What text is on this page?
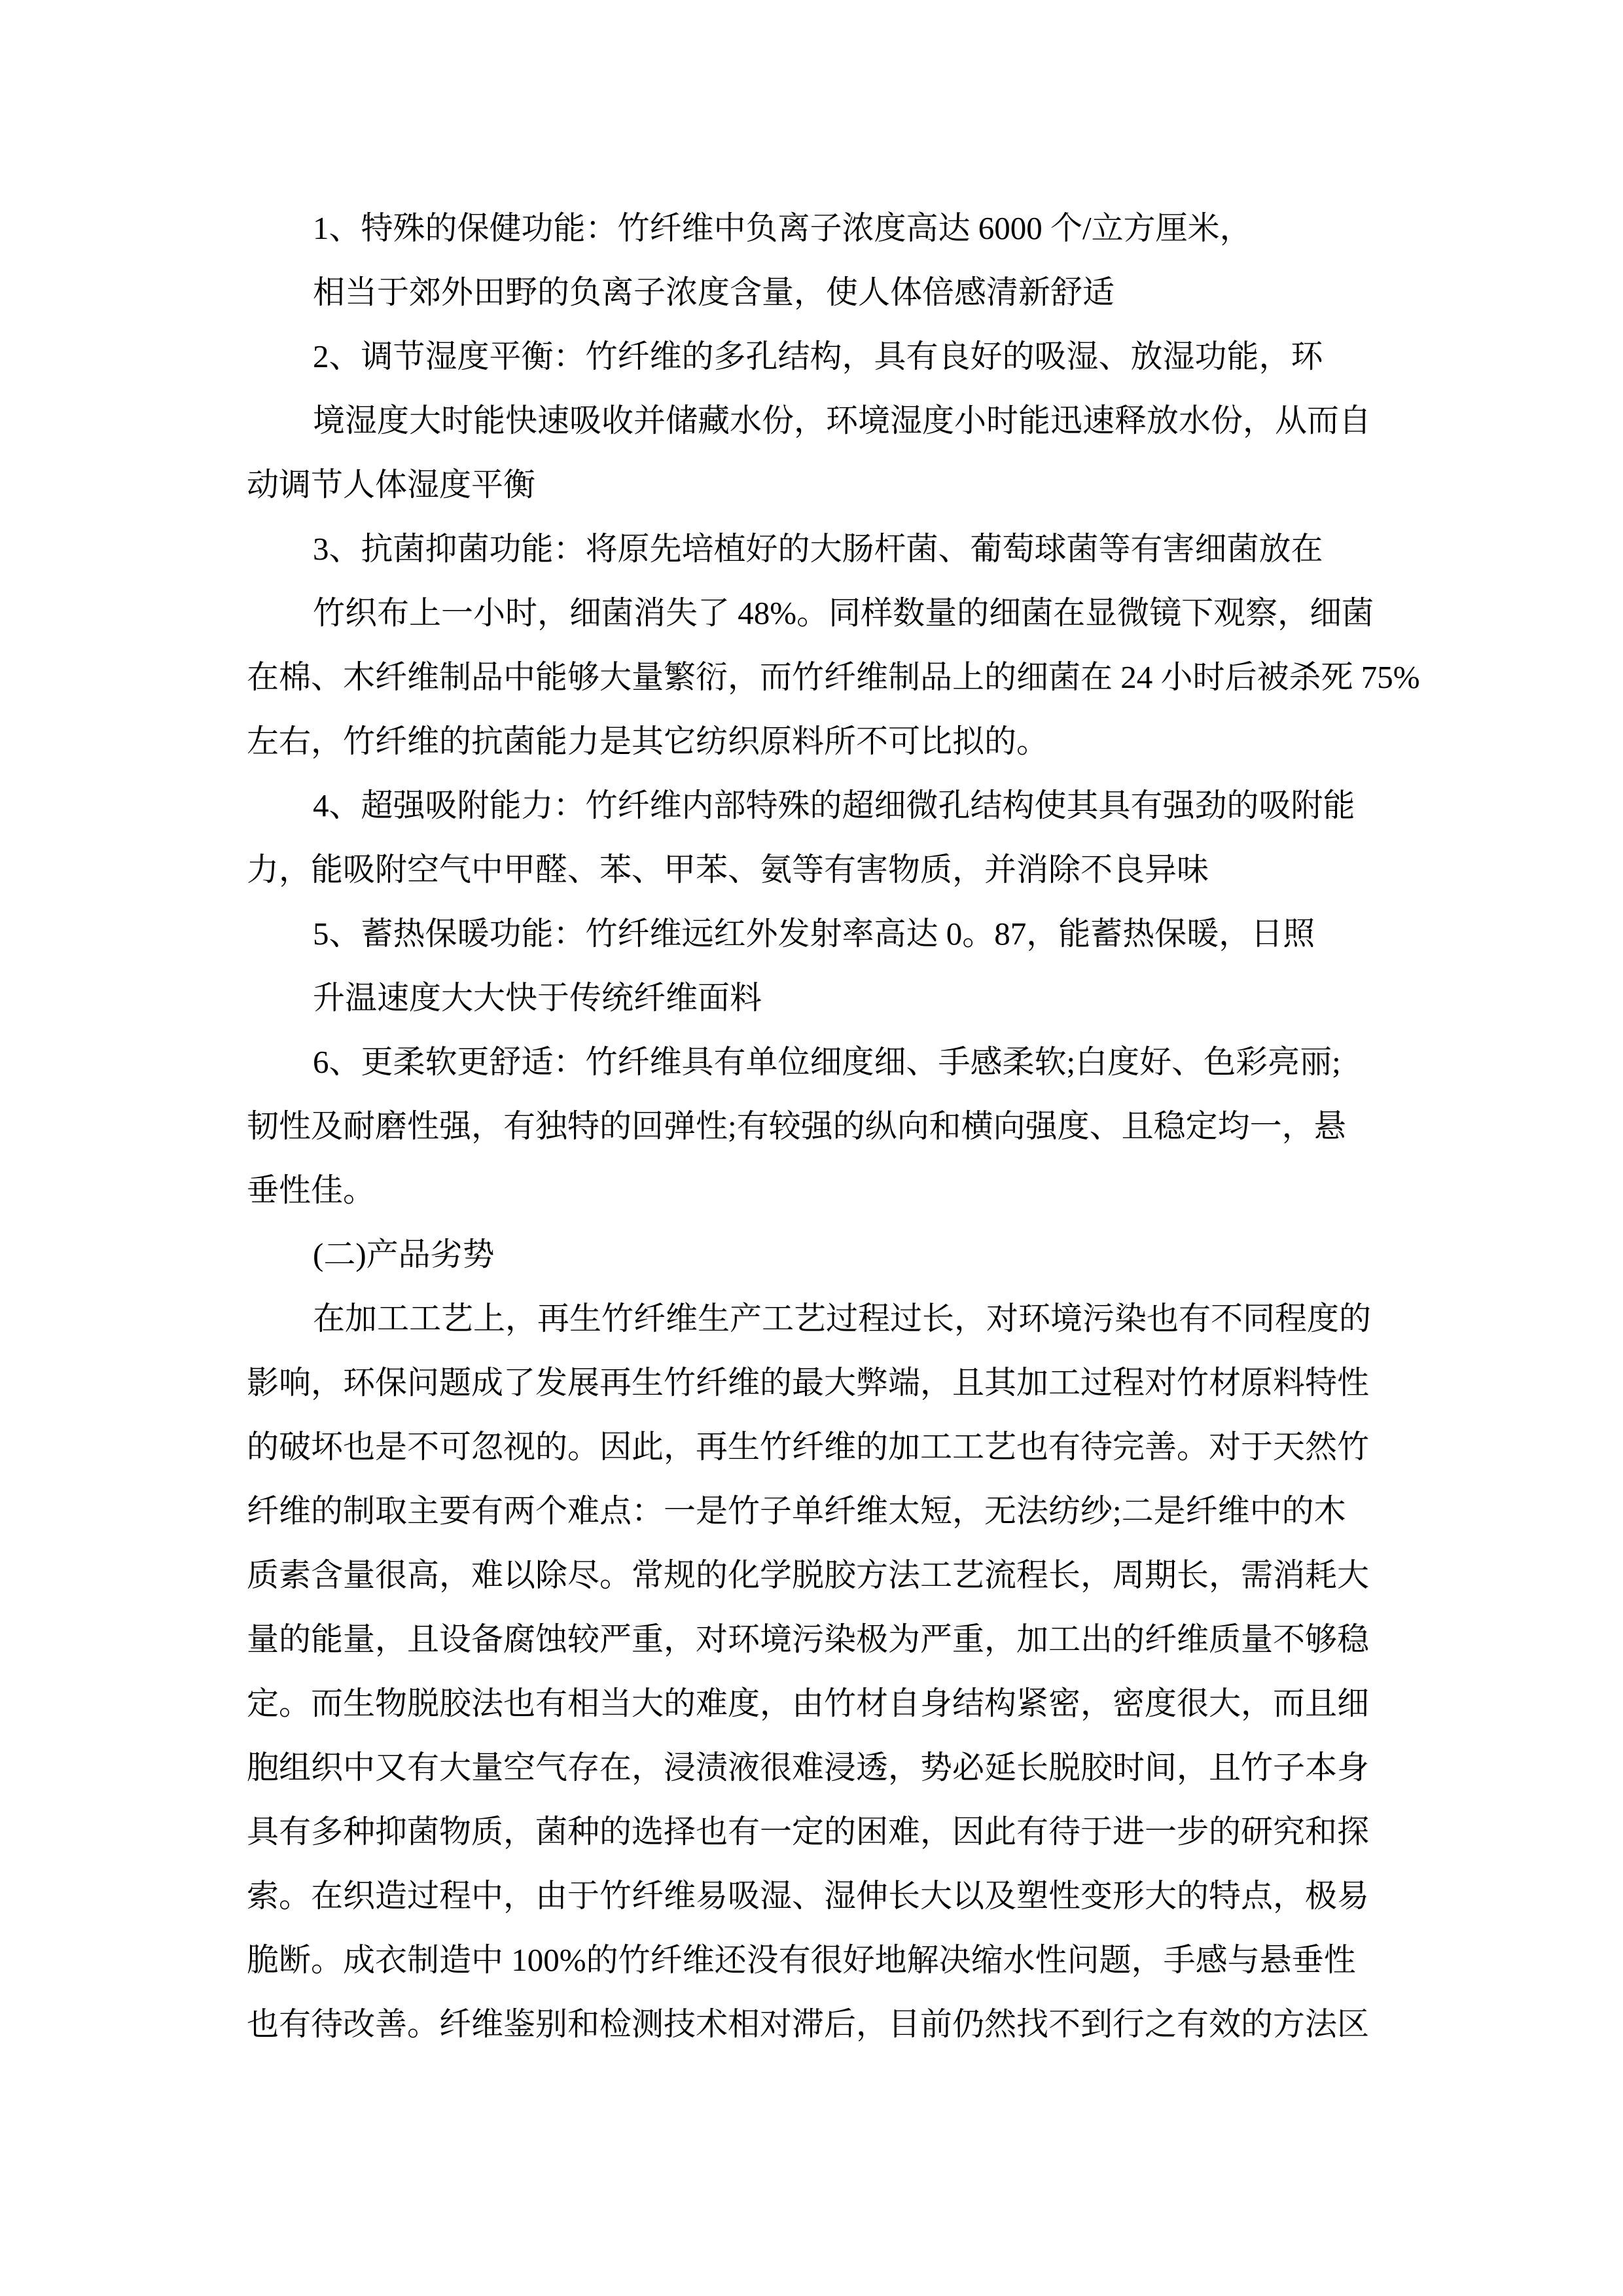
1、特殊的保健功能：竹纤维中负离子浓度高达 6000 个/立方厘米，
相当于郊外田野的负离子浓度含量，使人体倍感清新舒适
2、调节湿度平衡：竹纤维的多孔结构，具有良好的吸湿、放湿功能，环
境湿度大时能快速吸收并储藏水份，环境湿度小时能迅速释放水份，从而自
动调节人体湿度平衡
3、抗菌抑菌功能：将原先培植好的大肠杆菌、葡萄球菌等有害细菌放在
竹织布上一小时，细菌消失了 48%。同样数量的细菌在显微镜下观察，细菌
在棉、木纤维制品中能够大量繁衍，而竹纤维制品上的细菌在 24 小时后被杀死 75%
左右，竹纤维的抗菌能力是其它纺织原料所不可比拟的。
4、超强吸附能力：竹纤维内部特殊的超细微孔结构使其具有强劲的吸附能
力，能吸附空气中甲醛、苯、甲苯、氨等有害物质，并消除不良异味
5、蓄热保暖功能：竹纤维远红外发射率高达 0。87，能蓄热保暖，日照
升温速度大大快于传统纤维面料
6、更柔软更舒适：竹纤维具有单位细度细、手感柔软;白度好、色彩亮丽;
韧性及耐磨性强，有独特的回弹性;有较强的纵向和横向强度、且稳定均一，悬
垂性佳。
(二)产品劣势
在加工工艺上，再生竹纤维生产工艺过程过长，对环境污染也有不同程度的
影响，环保问题成了发展再生竹纤维的最大弊端，且其加工过程对竹材原料特性
的破坏也是不可忽视的。因此，再生竹纤维的加工工艺也有待完善。对于天然竹
纤维的制取主要有两个难点：一是竹子单纤维太短，无法纺纱;二是纤维中的木
质素含量很高，难以除尽。常规的化学脱胶方法工艺流程长，周期长，需消耗大
量的能量，且设备腐蚀较严重，对环境污染极为严重，加工出的纤维质量不够稳
定。而生物脱胶法也有相当大的难度，由竹材自身结构紧密，密度很大，而且细
胞组织中又有大量空气存在，浸渍液很难浸透，势必延长脱胶时间，且竹子本身
具有多种抑菌物质，菌种的选择也有一定的困难，因此有待于进一步的研究和探
索。在织造过程中，由于竹纤维易吸湿、湿伸长大以及塑性变形大的特点，极易
脆断。成衣制造中 100%的竹纤维还没有很好地解决缩水性问题，手感与悬垂性
也有待改善。纤维鉴别和检测技术相对滞后，目前仍然找不到行之有效的方法区
